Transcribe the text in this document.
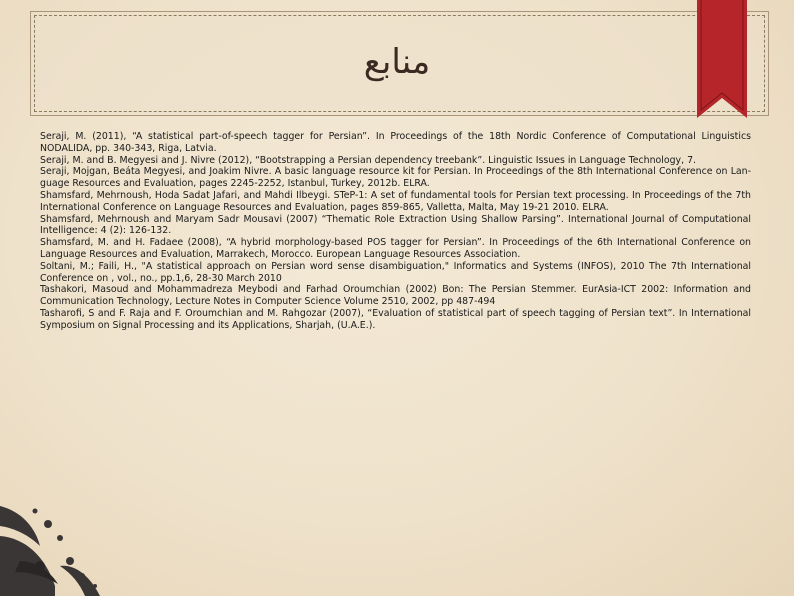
منابع

Seraji, M. (2011), “A statistical part-of-speech tagger for Persian”. In Proceedings of the 18th Nordic Conference of Computational Linguistics NODALIDA, pp. 340-343, Riga, Latvia.

Seraji, M. and B. Megyesi and J. Nivre (2012), “Bootstrapping a Persian dependency treebank”. Linguistic Issues in Language Technology, 7.

Seraji, Mojgan, Beáta Megyesi, and Joakim Nivre. A basic language resource kit for Persian. In Proceedings of the 8th International Conference on Lan- guage Resources and Evaluation, pages 2245-2252, Istanbul, Turkey, 2012b. ELRA.

Shamsfard, Mehrnoush, Hoda Sadat Jafari, and Mahdi Ilbeygi. STeP-1: A set of fundamental tools for Persian text processing. In Proceedings of the 7th International Conference on Language Resources and Evaluation, pages 859-865, Valletta, Malta, May 19-21 2010. ELRA.

Shamsfard, Mehrnoush and Maryam Sadr Mousavi (2007) “Thematic Role Extraction Using Shallow Parsing”. International Journal of Computational Intelligence: 4 (2): 126-132.

Shamsfard, M. and H. Fadaee (2008), “A hybrid morphology-based POS tagger for Persian”. In Proceedings of the 6th International Conference on Language Resources and Evaluation, Marrakech, Morocco. European Language Resources Association.

Soltani, M.; Faili, H., "A statistical approach on Persian word sense disambiguation," Informatics and Systems (INFOS), 2010 The 7th International Conference on , vol., no., pp.1,6, 28-30 March 2010

Tashakori, Masoud and Mohammadreza Meybodi and Farhad Oroumchian (2002) Bon: The Persian Stemmer. EurAsia-ICT 2002: Information and Communication Technology, Lecture Notes in Computer Science Volume 2510, 2002, pp 487-494

Tasharofi, S and F. Raja and F. Oroumchian and M. Rahgozar (2007), “Evaluation of statistical part of speech tagging of Persian text”. In International Symposium on Signal Processing and its Applications, Sharjah, (U.A.E.).
